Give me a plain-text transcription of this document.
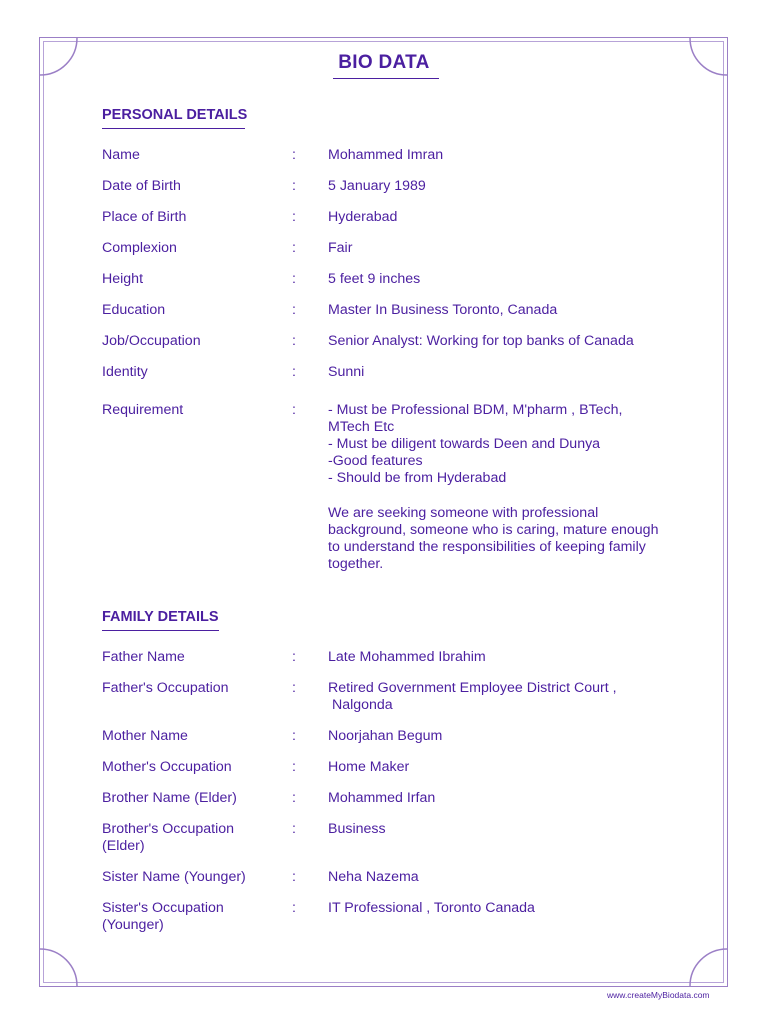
BIO DATA
PERSONAL DETAILS
Name	: Mohammed Imran
Date of Birth	: 5 January 1989
Place of Birth	: Hyderabad
Complexion	: Fair
Height	: 5 feet 9 inches
Education	: Master In Business Toronto, Canada
Job/Occupation	: Senior Analyst: Working for top banks of Canada
Identity	: Sunni
Requirement	: - Must be Professional BDM, M'pharm , BTech,

MTech Etc

- Must be diligent towards Deen and Dunya

-Good features

- Should be from Hyderabad

We are seeking someone with professional background, someone who is caring, mature enough to understand the responsibilities of keeping family together.

FAMILY DETAILS
Father Name	: Late Mohammed Ibrahim
Father's Occupation	: Retired Government Employee District Court ,

Nalgonda

Mother Name	: Noorjahan Begum
Mother's Occupation	: Home Maker
Brother Name (Elder)	: Mohammed Irfan
Brother's Occupation
(Elder)
: Business
Sister Name (Younger)	: Neha Nazema
Sister's Occupation
(Younger)
: IT Professional , Toronto Canada
www.createMyBiodata.com
